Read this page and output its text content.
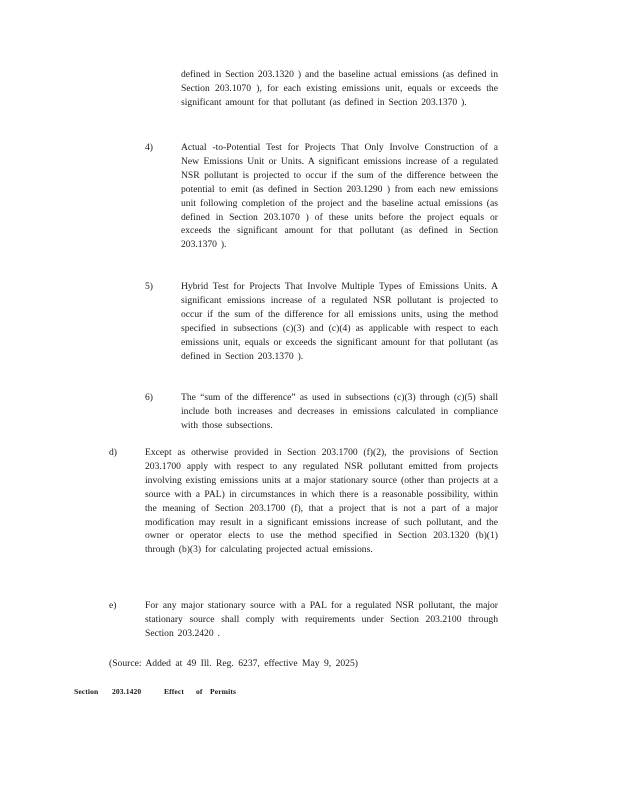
defined in Section 203.1320 ) and the baseline actual emissions (as defined in Section 203.1070 ), for each existing emissions unit, equals or exceeds the significant amount for that pollutant (as defined in Section 203.1370 ).

4)	Actual -to-Potential Test for Projects That Only Involve Construction of a New Emissions Unit or Units. A significant emissions increase of a regulated NSR pollutant is projected to occur if the sum of the difference between the potential to emit (as defined in Section 203.1290 ) from each new emissions unit following completion of the project and the baseline actual emissions (as defined in Section 203.1070 ) of these units before the project equals or exceeds the significant amount for that pollutant (as defined in Section 203.1370 ).

5)	Hybrid Test for Projects That Involve Multiple Types of Emissions Units. A significant emissions increase of a regulated NSR pollutant is projected to occur if the sum of the difference for all emissions units, using the method specified in subsections (c)(3) and (c)(4) as applicable with respect to each emissions unit, equals or exceeds the significant amount for that pollutant (as defined in Section 203.1370 ).

6)	The “sum of the difference” as used in subsections (c)(3) through (c)(5) shall include both increases and decreases in emissions calculated in compliance with those subsections.

d)	Except as otherwise provided in Section 203.1700 (f)(2), the provisions of Section 203.1700 apply with respect to any regulated NSR pollutant emitted from projects involving existing emissions units at a major stationary source (other than projects at a source with a PAL) in circumstances in which there is a reasonable possibility, within the meaning of Section 203.1700 (f), that a project that is not a part of a major modification may result in a significant emissions increase of such pollutant, and the owner or operator elects to use the method specified in Section 203.1320 (b)(1) through (b)(3) for calculating projected actual emissions.

e)	For any major stationary source with a PAL for a regulated NSR pollutant, the major stationary source shall comply with requirements under Section 203.2100 through Section 203.2420 .

(Source: Added at 49 Ill. Reg. 6237, effective May 9, 2025)
Section 203.1420	Effect of Permits
